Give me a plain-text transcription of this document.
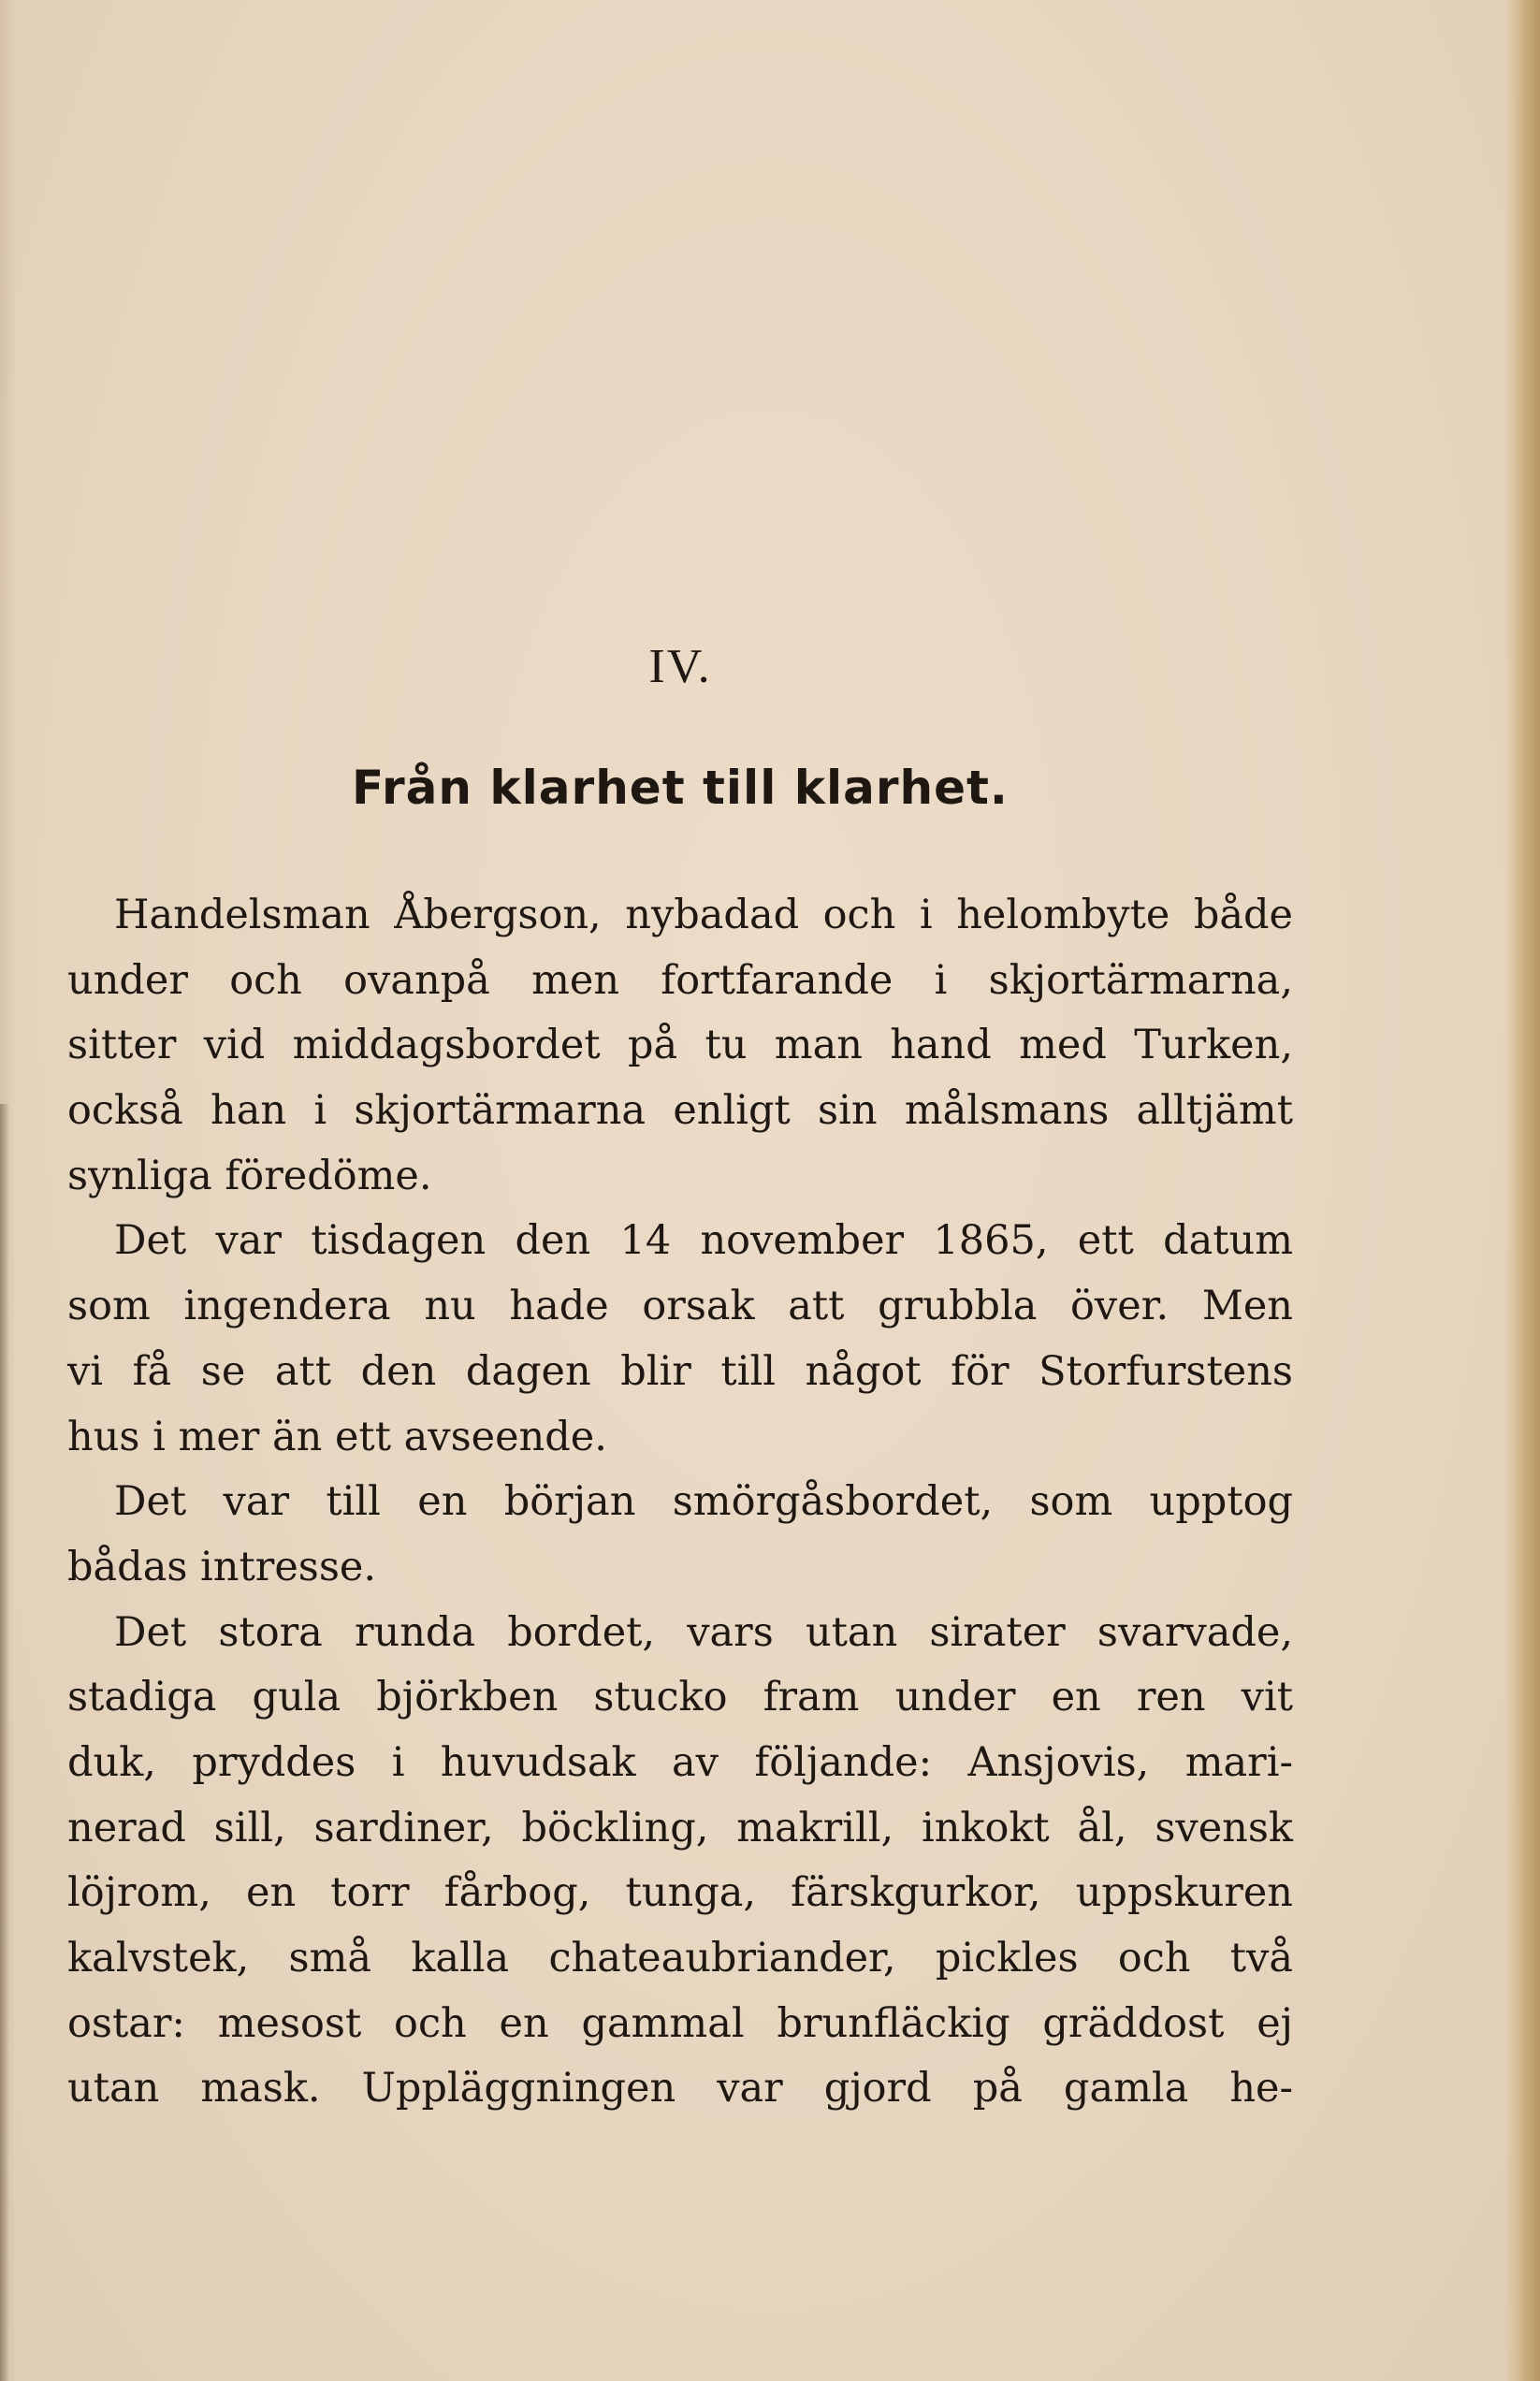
IV.
Från klarhet till klarhet.
Handelsman Åbergson, nybadad och i helombyte både
under och ovanpå men fortfarande i skjortärmarna,
sitter vid middagsbordet på tu man hand med Turken,
också han i skjortärmarna enligt sin målsmans alltjämt
synliga föredöme.
Det var tisdagen den 14 november 1865, ett datum
som ingendera nu hade orsak att grubbla över. Men
vi få se att den dagen blir till något för Storfurstens
hus i mer än ett avseende.
Det var till en början smörgåsbordet, som upptog
bådas intresse.
Det stora runda bordet, vars utan sirater svarvade,
stadiga gula björkben stucko fram under en ren vit
duk, pryddes i huvudsak av följande: Ansjovis, mari-
nerad sill, sardiner, böckling, makrill, inkokt ål, svensk
löjrom, en torr fårbog, tunga, färskgurkor, uppskuren
kalvstek, små kalla chateaubriander, pickles och två
ostar: mesost och en gammal brunfläckig gräddost ej
utan mask. Uppläggningen var gjord på gamla he-
